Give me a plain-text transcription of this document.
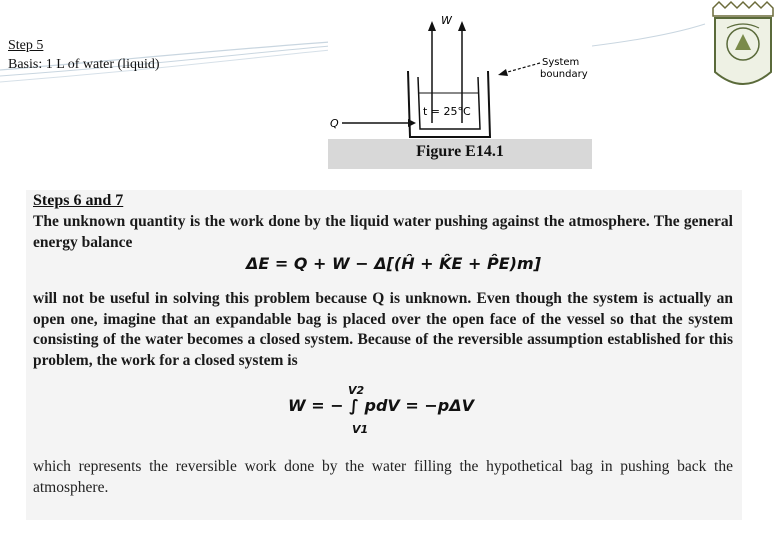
Step 5
Basis: 1 L of water (liquid)
W
t = 25°C
Q
System
boundary
Figure E14.1
Steps 6 and 7
The unknown quantity is the work done by the liquid water pushing against the atmosphere. The general energy balance
ΔE = Q + W − Δ[(Ĥ + K̂E + P̂E)m]
will not be useful in solving this problem because Q is unknown. Even though the system is actually an open one, imagine that an expandable bag is placed over the open face of the vessel so that the system consisting of the water becomes a closed system. Because of the reversible assumption established for this problem, the work for a closed system is
W = − ∫ pdV = −pΔV
V2
V1
which represents the reversible work done by the water filling the hypothetical bag in pushing back the atmosphere.
